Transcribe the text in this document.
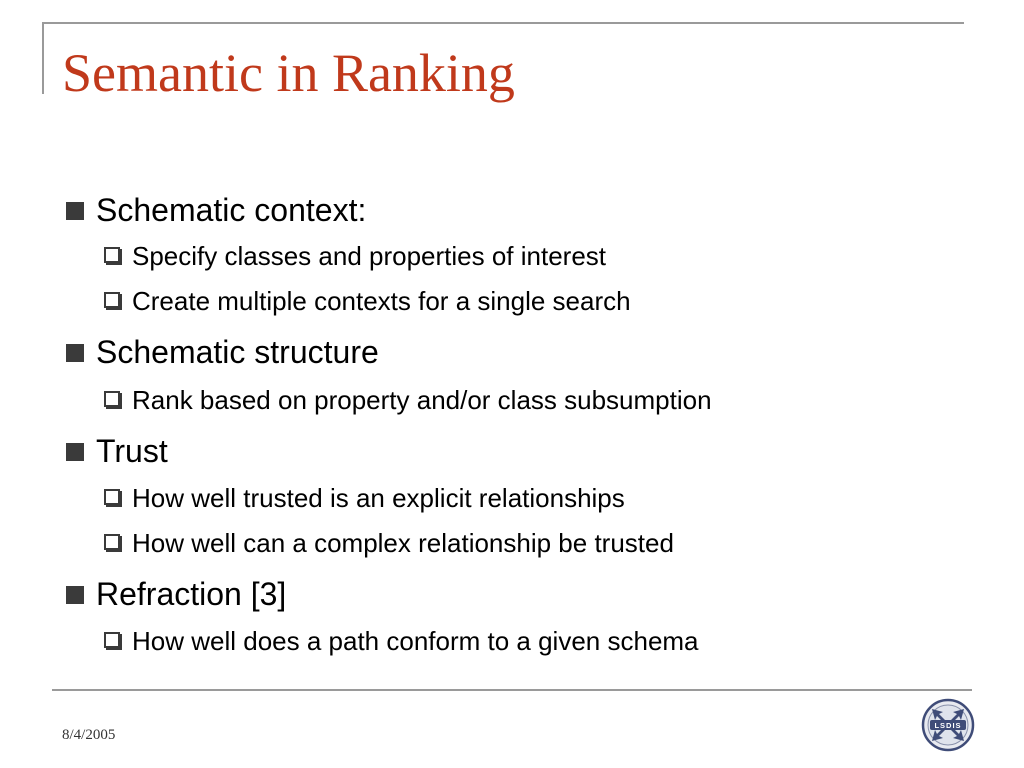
Semantic in Ranking
Schematic context:
Specify classes and properties of interest
Create multiple contexts for a single search
Schematic structure
Rank based on property and/or class subsumption
Trust
How well trusted is an explicit relationships
How well can a complex relationship be trusted
Refraction [3]
How well does a path conform to a given schema
8/4/2005
LSDIS
